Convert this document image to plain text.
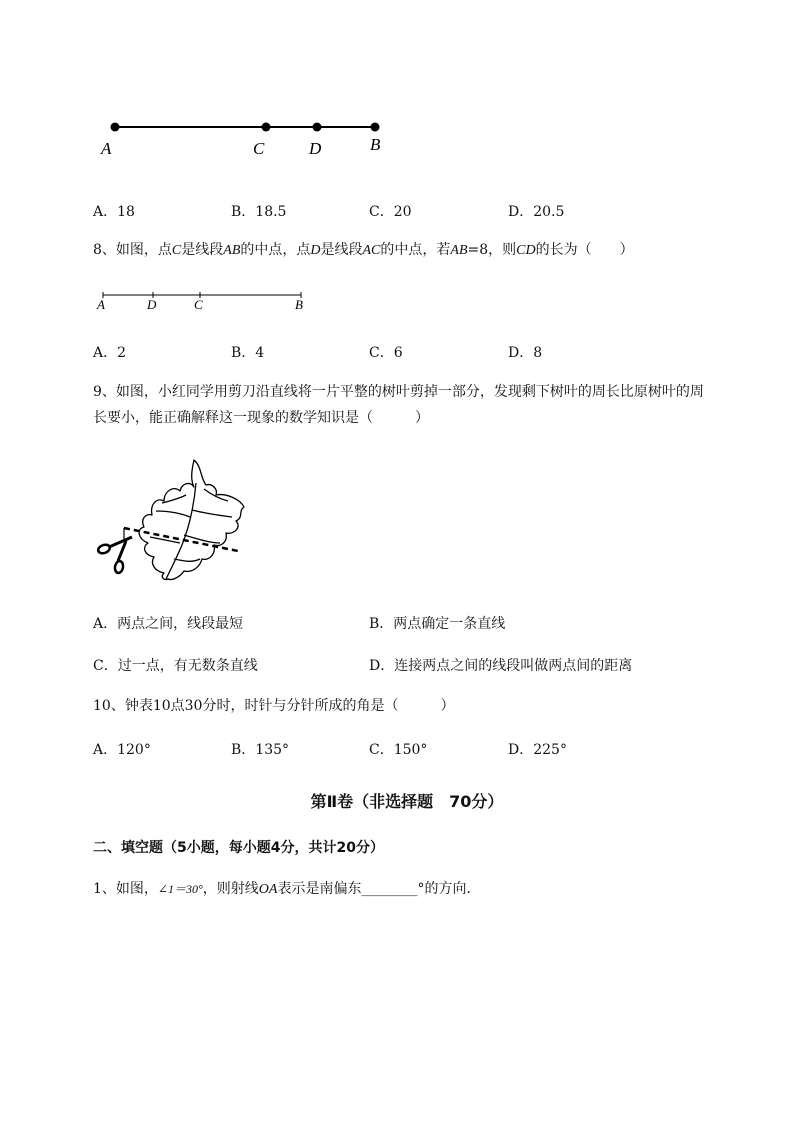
A	C	D	B
A．18	B．18.5	C．20	D．20.5
8、如图，点C是线段AB的中点，点D是线段AC的中点，若AB=8，则CD的长为（　　）
A	D	C	B
A．2	B．4	C．6	D．8
9、如图，小红同学用剪刀沿直线将一片平整的树叶剪掉一部分，发现剩下树叶的周长比原树叶的周
长要小，能正确解释这一现象的数学知识是（　　　）
A．两点之间，线段最短	B．两点确定一条直线
C．过一点，有无数条直线	D．连接两点之间的线段叫做两点间的距离
10、钟表10点30分时，时针与分针所成的角是（　　　）
A．120°	B．135°	C．150°	D．225°
第Ⅱ卷（非选择题　70分）
二、填空题（5小题，每小题4分，共计20分）
1、如图，∠1＝30°，则射线OA表示是南偏东________°的方向．
